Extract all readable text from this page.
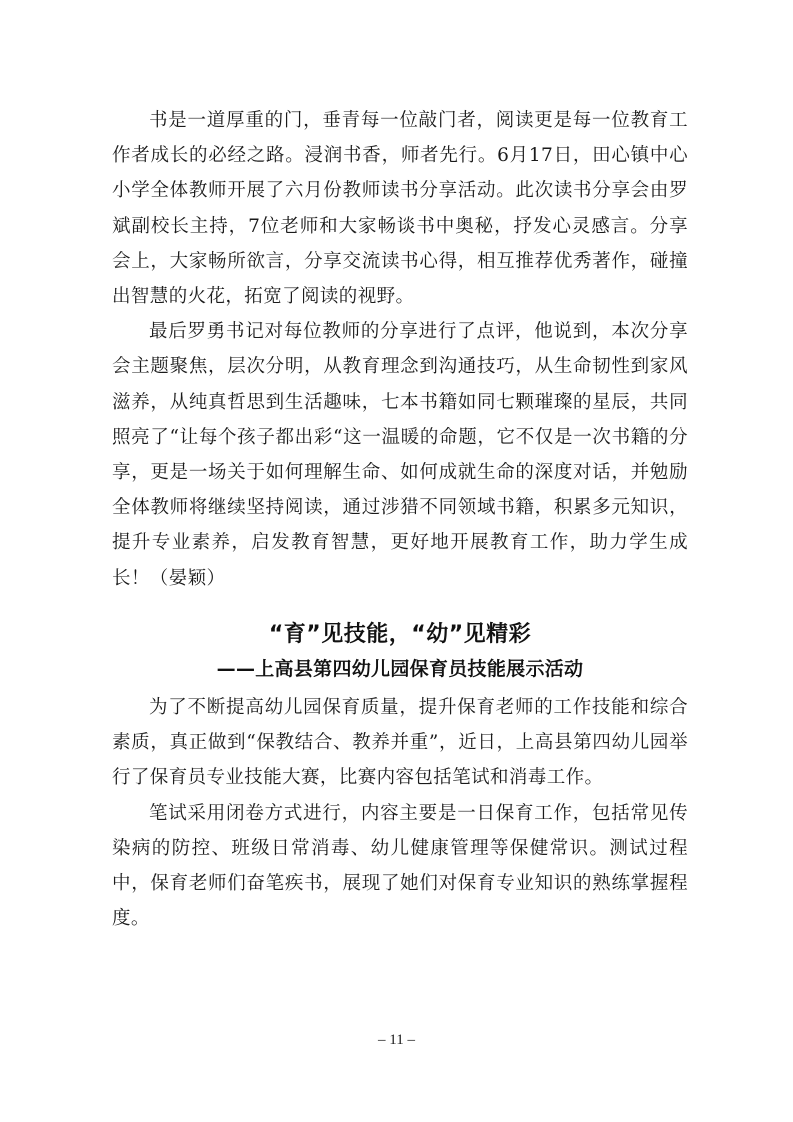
书是一道厚重的门，垂青每一位敲门者，阅读更是每一位教育工作者成长的必经之路。浸润书香，师者先行。6月17日，田心镇中心小学全体教师开展了六月份教师读书分享活动。此次读书分享会由罗斌副校长主持，7位老师和大家畅谈书中奥秘，抒发心灵感言。分享会上，大家畅所欲言，分享交流读书心得，相互推荐优秀著作，碰撞出智慧的火花，拓宽了阅读的视野。

最后罗勇书记对每位教师的分享进行了点评，他说到，本次分享会主题聚焦，层次分明，从教育理念到沟通技巧，从生命韧性到家风滋养，从纯真哲思到生活趣味，七本书籍如同七颗璀璨的星辰，共同照亮了“让每个孩子都出彩“这一温暖的命题，它不仅是一次书籍的分享，更是一场关于如何理解生命、如何成就生命的深度对话，并勉励全体教师将继续坚持阅读，通过涉猎不同领域书籍，积累多元知识，提升专业素养，启发教育智慧，更好地开展教育工作，助力学生成长！（晏颖）

“育”见技能，“幼”见精彩
——上高县第四幼儿园保育员技能展示活动

为了不断提高幼儿园保育质量，提升保育老师的工作技能和综合素质，真正做到“保教结合、教养并重”，近日，上高县第四幼儿园举行了保育员专业技能大赛，比赛内容包括笔试和消毒工作。

笔试采用闭卷方式进行，内容主要是一日保育工作，包括常见传染病的防控、班级日常消毒、幼儿健康管理等保健常识。测试过程中，保育老师们奋笔疾书，展现了她们对保育专业知识的熟练掌握程度。

– 11 –
